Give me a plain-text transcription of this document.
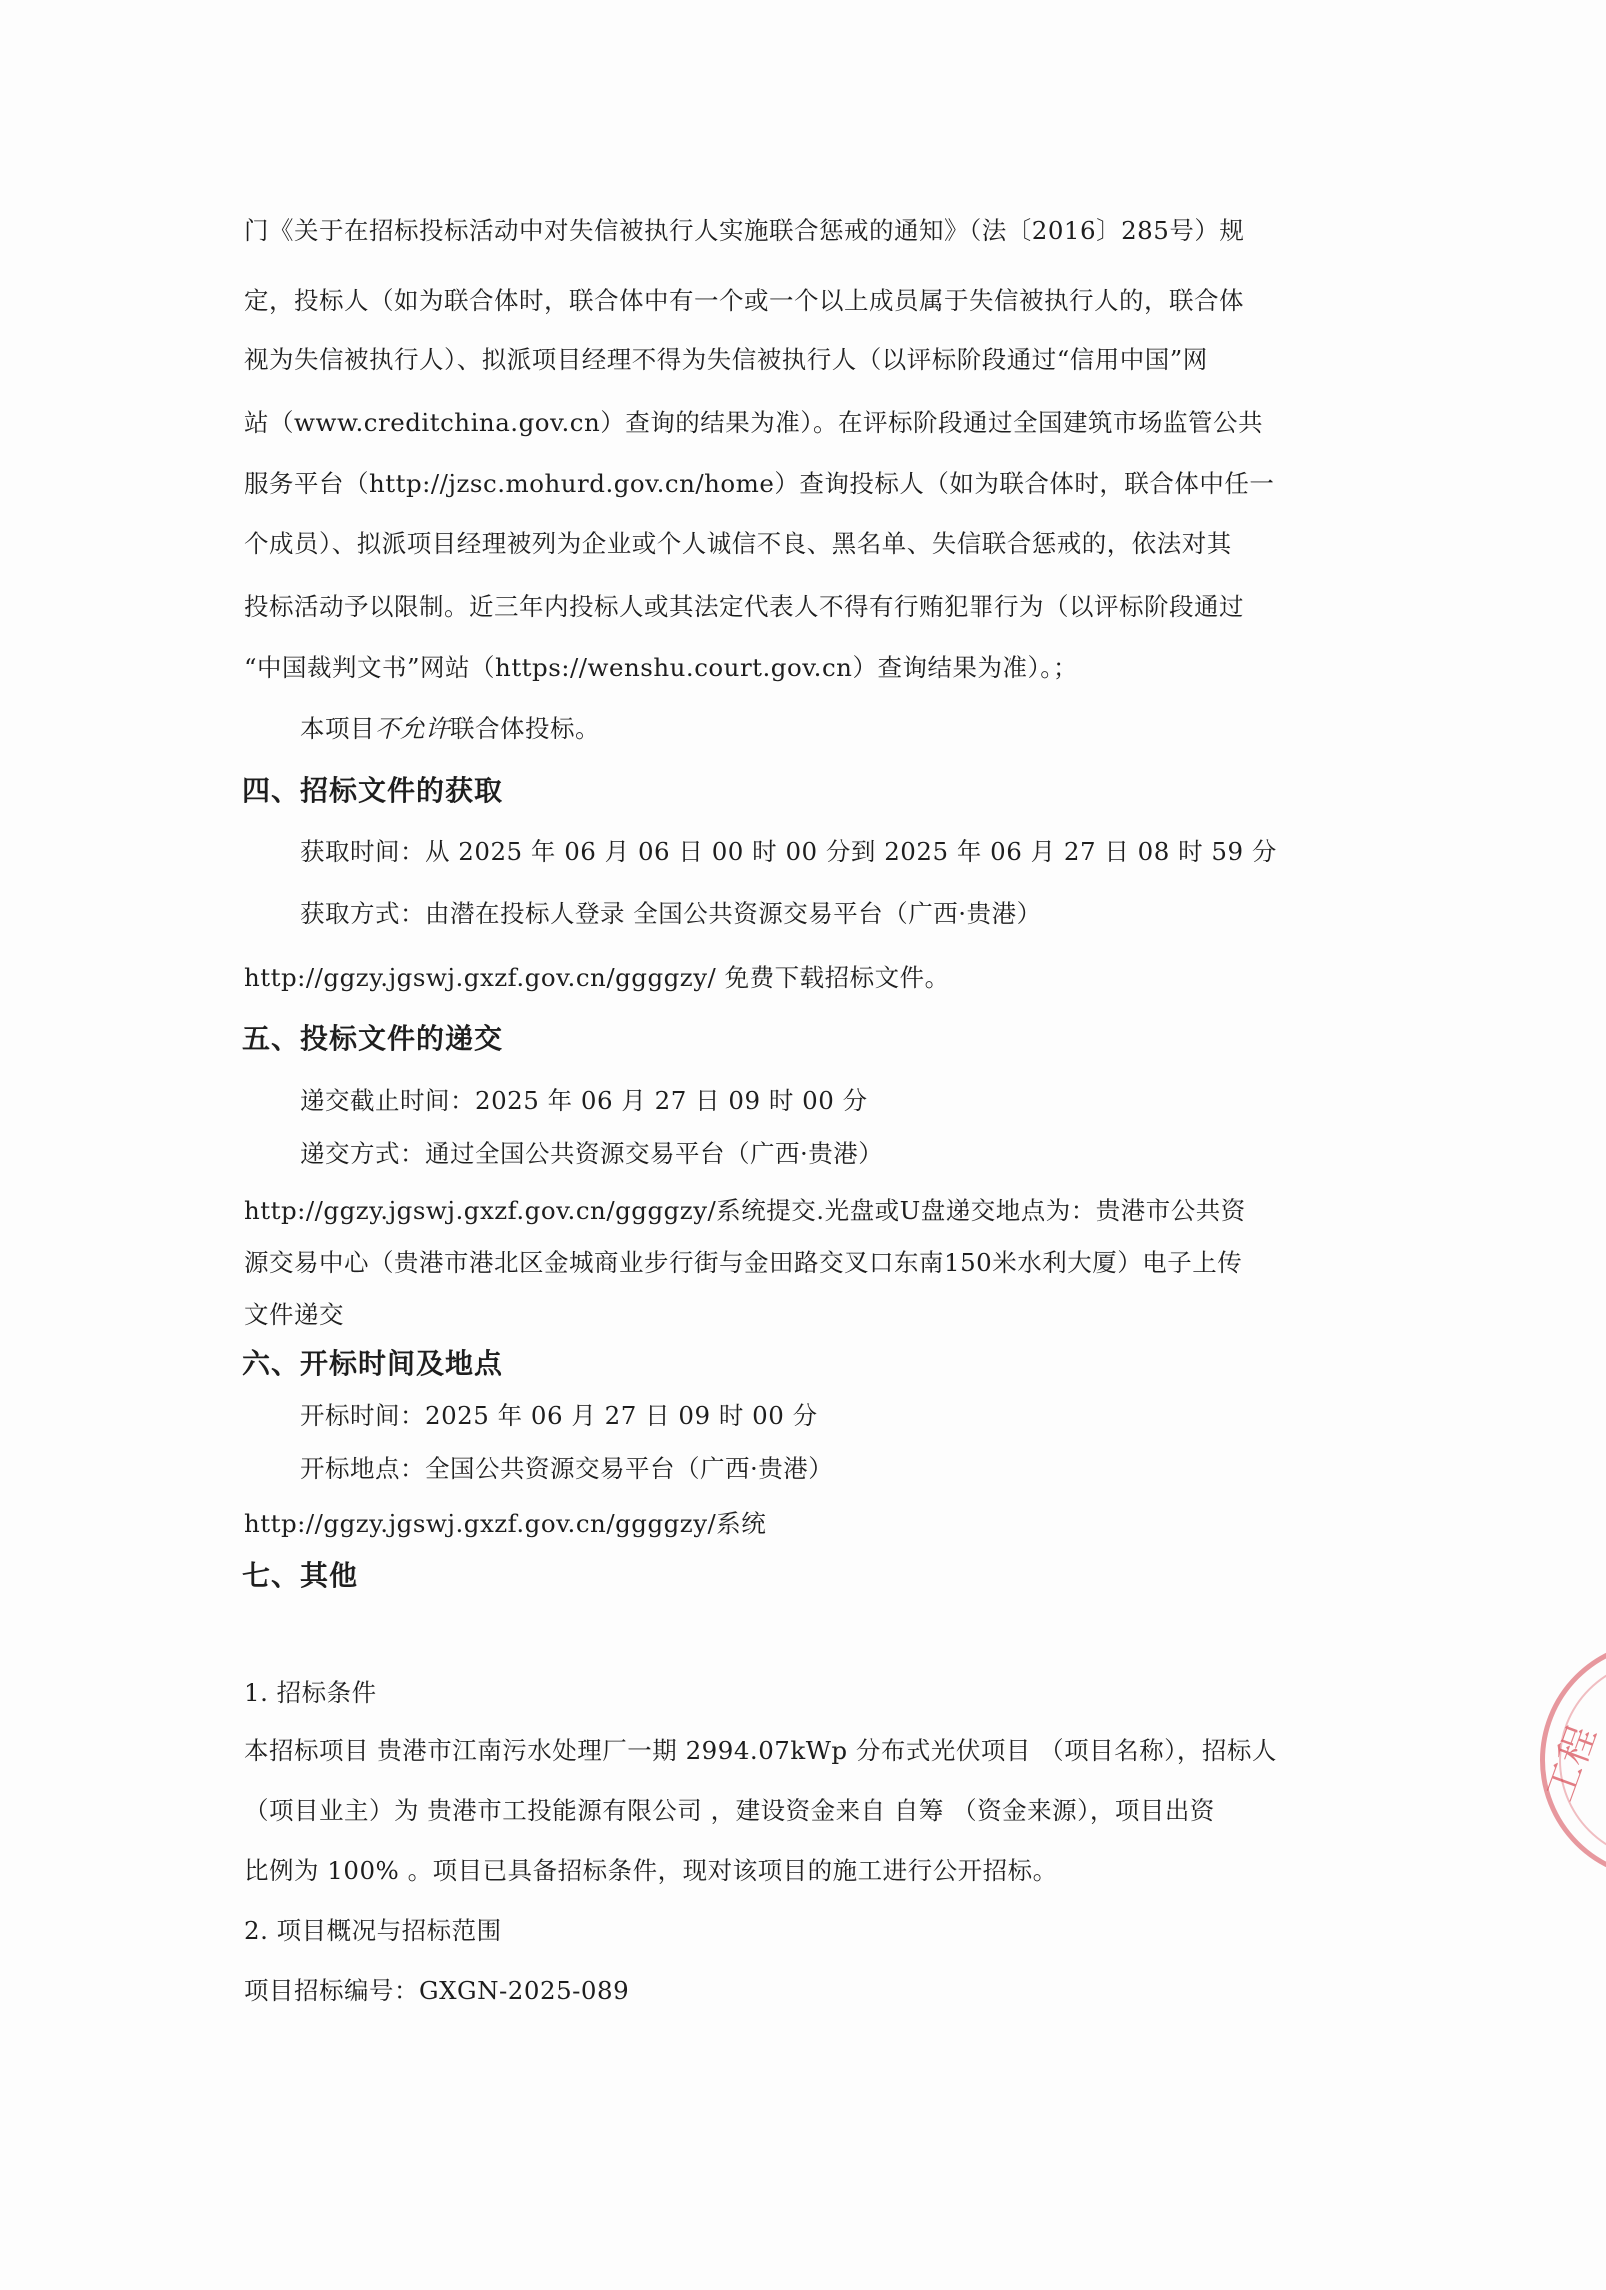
门《关于在招标投标活动中对失信被执行人实施联合惩戒的通知》（法〔2016〕285号）规
定，投标人（如为联合体时，联合体中有一个或一个以上成员属于失信被执行人的，联合体
视为失信被执行人）、拟派项目经理不得为失信被执行人（以评标阶段通过“信用中国”网
站（www.creditchina.gov.cn）查询的结果为准）。在评标阶段通过全国建筑市场监管公共
服务平台（http://jzsc.mohurd.gov.cn/home）查询投标人（如为联合体时，联合体中任一
个成员）、拟派项目经理被列为企业或个人诚信不良、黑名单、失信联合惩戒的，依法对其
投标活动予以限制。近三年内投标人或其法定代表人不得有行贿犯罪行为（以评标阶段通过
“中国裁判文书”网站（https://wenshu.court.gov.cn）查询结果为准）。；
本项目不允许联合体投标。
四、招标文件的获取
获取时间：从 2025 年 06 月 06 日 00 时 00 分到 2025 年 06 月 27 日 08 时 59 分
获取方式：由潜在投标人登录 全国公共资源交易平台（广西·贵港）
http://ggzy.jgswj.gxzf.gov.cn/ggggzy/ 免费下载招标文件。
五、投标文件的递交
递交截止时间：2025 年 06 月 27 日 09 时 00 分
递交方式：通过全国公共资源交易平台（广西·贵港）
http://ggzy.jgswj.gxzf.gov.cn/ggggzy/系统提交.光盘或U盘递交地点为：贵港市公共资
源交易中心（贵港市港北区金城商业步行街与金田路交叉口东南150米水利大厦）电子上传
文件递交
六、开标时间及地点
开标时间：2025 年 06 月 27 日 09 时 00 分
开标地点：全国公共资源交易平台（广西·贵港）
http://ggzy.jgswj.gxzf.gov.cn/ggggzy/系统
七、其他
1. 招标条件
本招标项目 贵港市江南污水处理厂一期 2994.07kWp 分布式光伏项目 （项目名称），招标人
（项目业主）为 贵港市工投能源有限公司 ，建设资金来自 自筹 （资金来源），项目出资
比例为 100% 。项目已具备招标条件，现对该项目的施工进行公开招标。
2. 项目概况与招标范围
项目招标编号：GXGN-2025-089
工程
